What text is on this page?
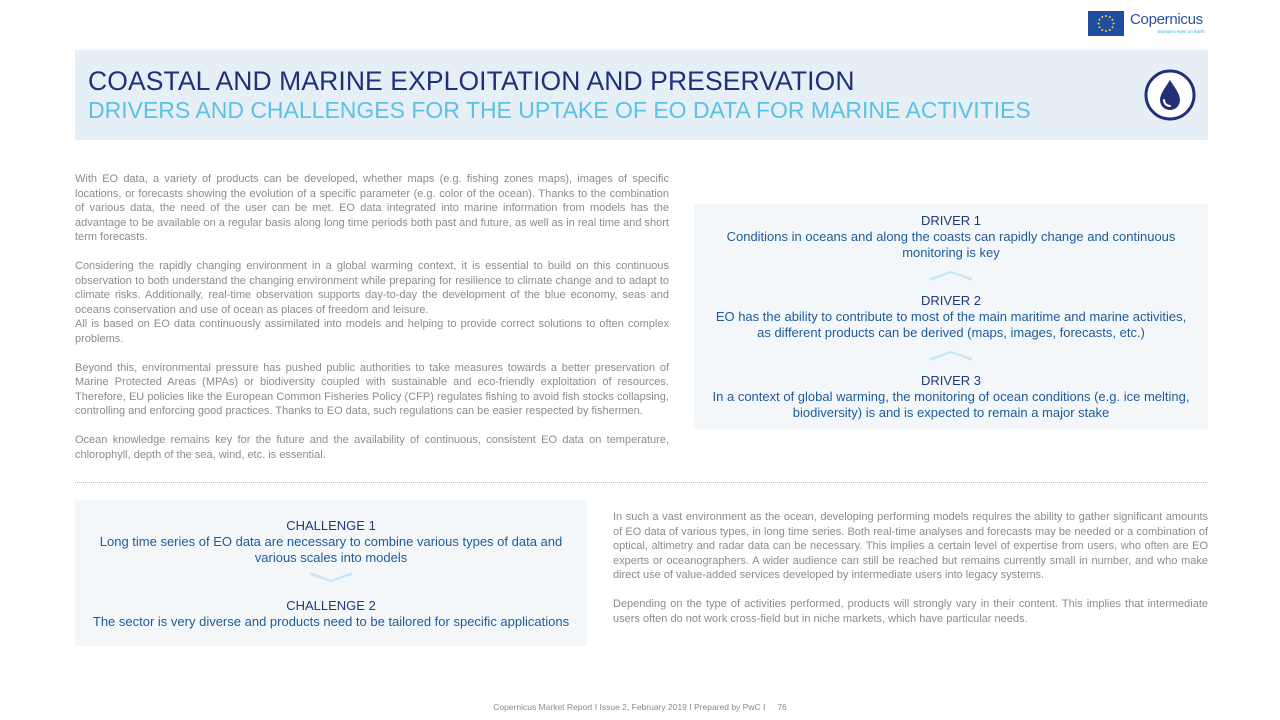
Copernicus
Europe's eyes on Earth
COASTAL AND MARINE EXPLOITATION AND PRESERVATION
DRIVERS AND CHALLENGES FOR THE UPTAKE OF EO DATA FOR MARINE ACTIVITIES

With EO data, a variety of products can be developed, whether maps (e.g. fishing zones maps), images of specific locations, or forecasts showing the evolution of a specific parameter (e.g. color of the ocean). Thanks to the combination of various data, the need of the user can be met. EO data integrated into marine information from models has the advantage to be available on a regular basis along long time periods both past and future, as well as in real time and short term forecasts.

Considering the rapidly changing environment in a global warming context, it is essential to build on this continuous observation to both understand the changing environment while preparing for resilience to climate change and to adapt to climate risks. Additionally, real-time observation supports day-to-day the development of the blue economy, seas and oceans conservation and use of ocean as places of freedom and leisure.

All is based on EO data continuously assimilated into models and helping to provide correct solutions to often complex problems.

Beyond this, environmental pressure has pushed public authorities to take measures towards a better preservation of Marine Protected Areas (MPAs) or biodiversity coupled with sustainable and eco-friendly exploitation of resources. Therefore, EU policies like the European Common Fisheries Policy (CFP) regulates fishing to avoid fish stocks collapsing, controlling and enforcing good practices. Thanks to EO data, such regulations can be easier respected by fishermen.

Ocean knowledge remains key for the future and the availability of continuous, consistent EO data on temperature, chlorophyll, depth of the sea, wind, etc. is essential.

DRIVER 1
Conditions in oceans and along the coasts can rapidly change and continuous monitoring is key
DRIVER 2
EO has the ability to contribute to most of the main maritime and marine activities, as different products can be derived (maps, images, forecasts, etc.)
DRIVER 3
In a context of global warming, the monitoring of ocean conditions (e.g. ice melting, biodiversity) is and is expected to remain a major stake
CHALLENGE 1
Long time series of EO data are necessary to combine various types of data and various scales into models
CHALLENGE 2
The sector is very diverse and products need to be tailored for specific applications

In such a vast environment as the ocean, developing performing models requires the ability to gather significant amounts of EO data of various types, in long time series. Both real-time analyses and forecasts may be needed or a combination of optical, altimetry and radar data can be necessary. This implies a certain level of expertise from users, who often are EO experts or oceanographers. A wider audience can still be reached but remains currently small in number, and who make direct use of value-added services developed by intermediate users into legacy systems.

Depending on the type of activities performed, products will strongly vary in their content. This implies that intermediate users often do not work cross-field but in niche markets, which have particular needs.

Copernicus Market Report I Issue 2, February 2019 I Prepared by PwC I 76
